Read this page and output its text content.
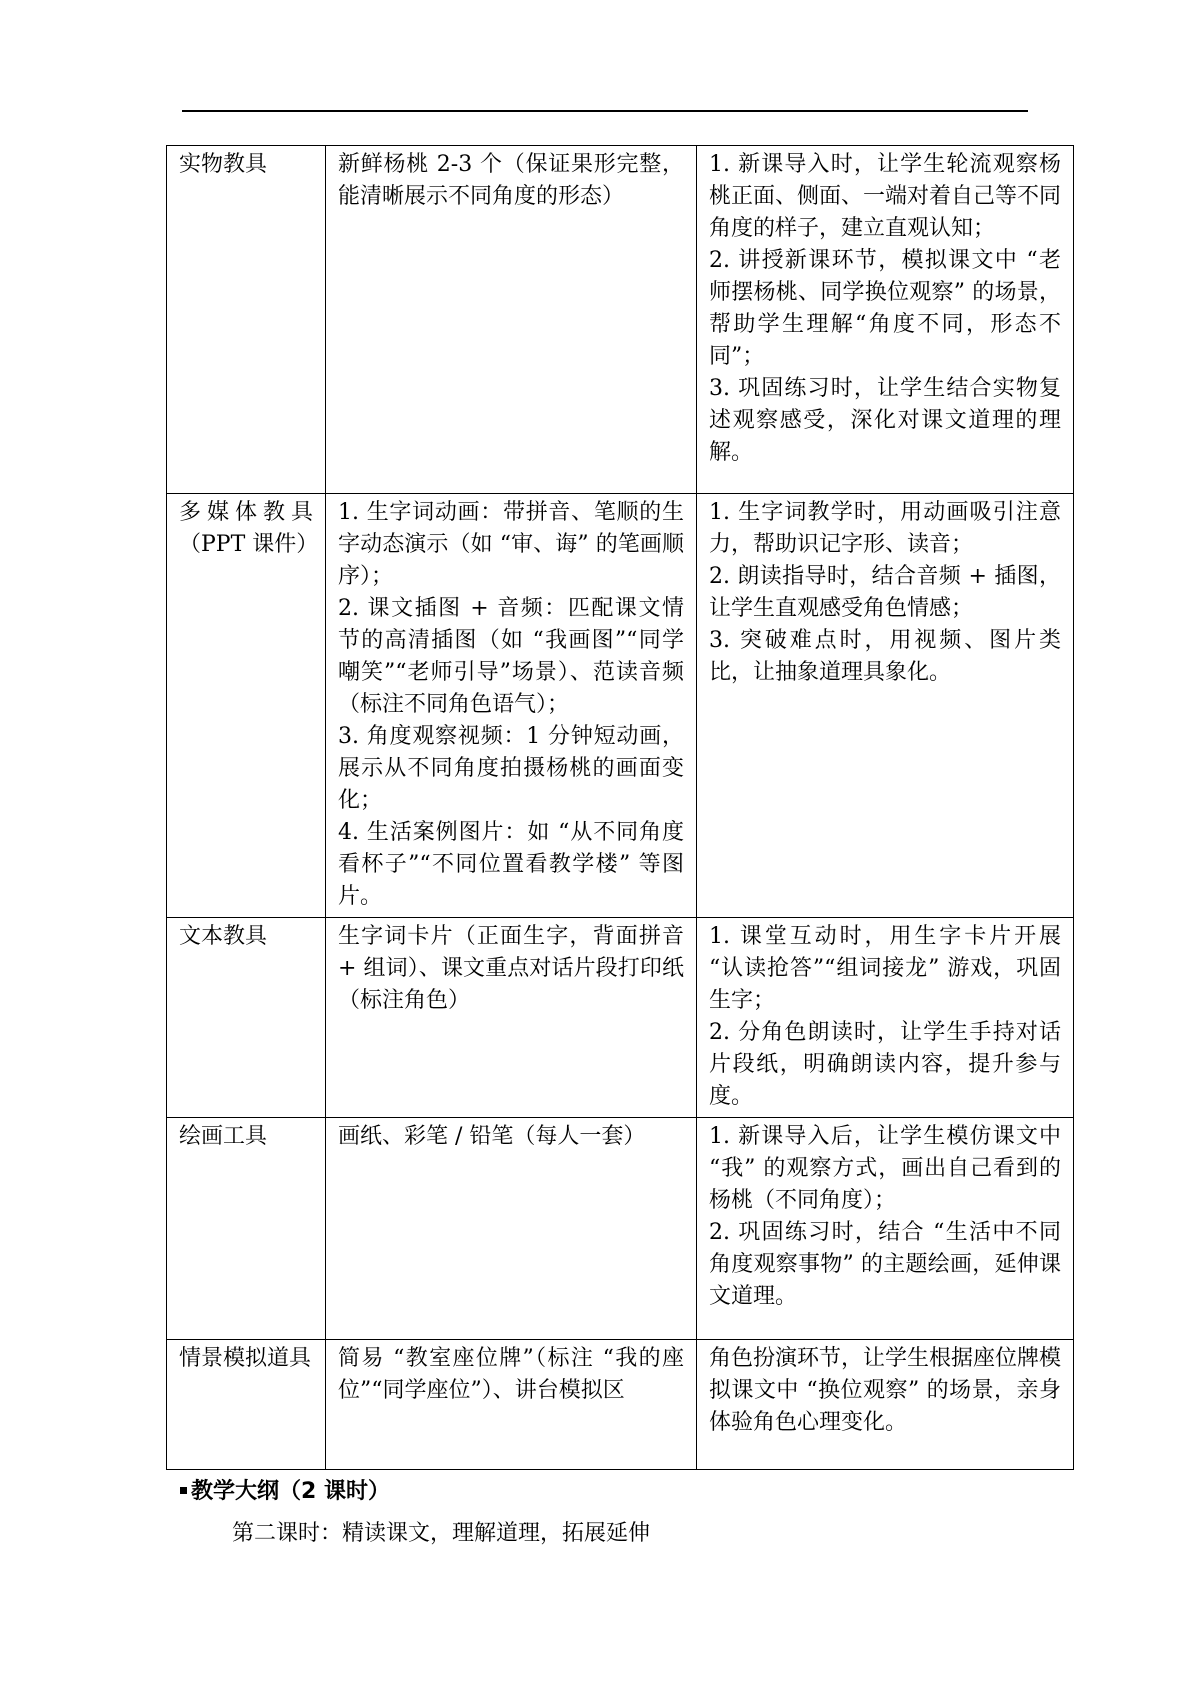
实物教具	新鲜杨桃 2-3 个（保证果形完整，能清晰展示不同角度的形态）	1. 新课导入时，让学生轮流观察杨桃正面、侧面、一端对着自己等不同角度的样子，建立直观认知；
2. 讲授新课环节，模拟课文中 “老师摆杨桃、同学换位观察” 的场景，帮助学生理解“角度不同，形态不同”；
3. 巩固练习时，让学生结合实物复述观察感受，深化对课文道理的理解。

多媒体教具（PPT 课件）	1. 生字词动画：带拼音、笔顺的生字动态演示（如 “审、诲” 的笔画顺序）；
2. 课文插图 + 音频：匹配课文情节的高清插图（如 “我画图”“同学嘲笑”“老师引导”场景）、范读音频（标注不同角色语气）；
3. 角度观察视频：1 分钟短动画，展示从不同角度拍摄杨桃的画面变化；
4. 生活案例图片：如 “从不同角度看杯子”“不同位置看教学楼” 等图片。	1. 生字词教学时，用动画吸引注意力，帮助识记字形、读音；
2. 朗读指导时，结合音频 + 插图，让学生直观感受角色情感；
3. 突破难点时，用视频、图片类比，让抽象道理具象化。

文本教具	生字词卡片（正面生字，背面拼音 + 组词）、课文重点对话片段打印纸（标注角色）	1. 课堂互动时，用生字卡片开展 “认读抢答”“组词接龙” 游戏，巩固生字；
2. 分角色朗读时，让学生手持对话片段纸，明确朗读内容，提升参与度。

绘画工具	画纸、彩笔 / 铅笔（每人一套）	1. 新课导入后，让学生模仿课文中 “我” 的观察方式，画出自己看到的杨桃（不同角度）；
2. 巩固练习时，结合 “生活中不同角度观察事物” 的主题绘画，延伸课文道理。

情景模拟道具	简易 “教室座位牌”（标注 “我的座位”“同学座位”）、讲台模拟区	角色扮演环节，让学生根据座位牌模拟课文中 “换位观察” 的场景，亲身体验角色心理变化。
教学大纲（2 课时）
第二课时：精读课文，理解道理，拓展延伸
